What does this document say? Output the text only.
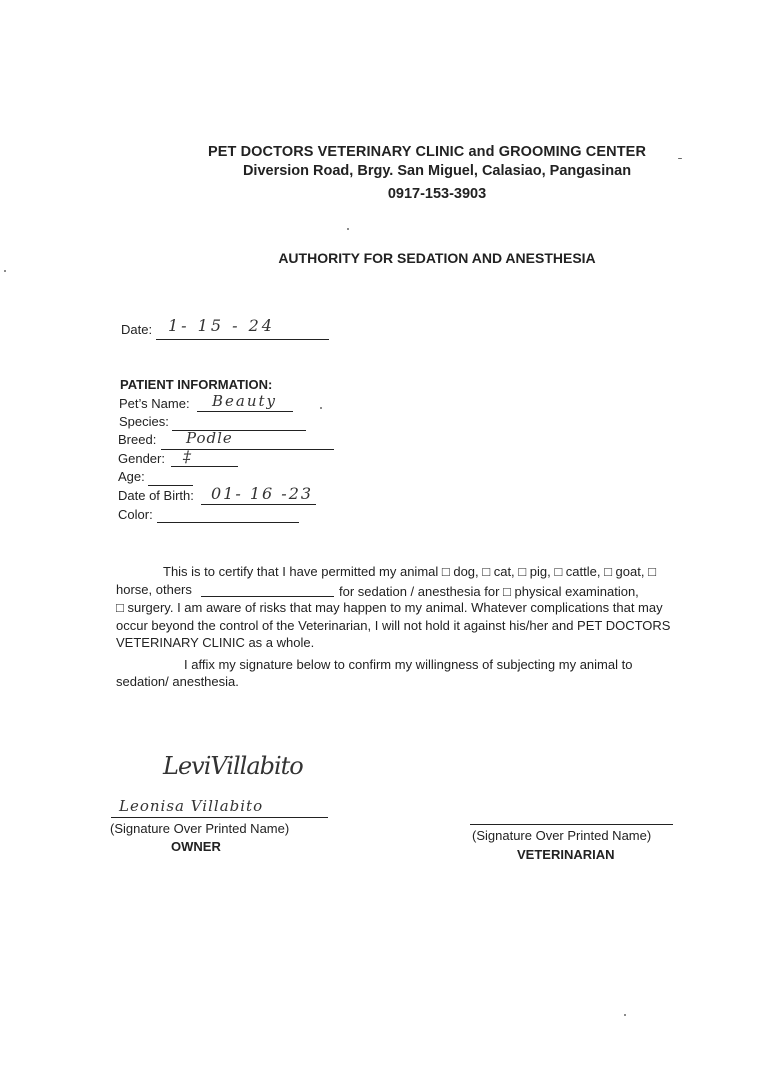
PET DOCTORS VETERINARY CLINIC and GROOMING CENTER
Diversion Road, Brgy. San Miguel, Calasiao, Pangasinan
0917-153-3903
AUTHORITY FOR SEDATION AND ANESTHESIA
Date: 1- 15 - 24
PATIENT INFORMATION:
Pet’s Name: Beauty
Species:
Breed: Podle
Gender: ‡
Age:
Date of Birth: 01- 16 -23
Color:
This is to certify that I have permitted my animal □ dog, □ cat, □ pig, □ cattle, □ goat, □
horse, others	for sedation / anesthesia for □ physical examination,
□ surgery. I am aware of risks that may happen to my animal. Whatever complications that may
occur beyond the control of the Veterinarian, I will not hold it against his/her and PET DOCTORS
VETERINARY CLINIC as a whole.
I affix my signature below to confirm my willingness of subjecting my animal to
sedation/ anesthesia.
LeviVillabito
Leonisa Villabito
(Signature Over Printed Name)
OWNER
(Signature Over Printed Name)
VETERINARIAN
